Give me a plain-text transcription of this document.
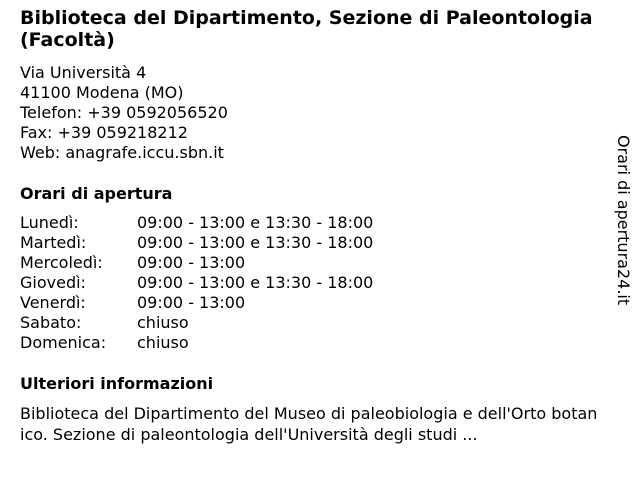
Biblioteca del Dipartimento, Sezione di Paleontologia (Facoltà)
Via Università 4
41100 Modena (MO)
Telefon: +39 0592056520
Fax: +39 059218212
Web: anagrafe.iccu.sbn.it
Orari di apertura
Lunedì:	09:00 - 13:00 e 13:30 - 18:00
Martedì:	09:00 - 13:00 e 13:30 - 18:00
Mercoledì:	09:00 - 13:00
Giovedì:	09:00 - 13:00 e 13:30 - 18:00
Venerdì:	09:00 - 13:00
Sabato:	chiuso
Domenica:	chiuso
Ulteriori informazioni
Biblioteca del Dipartimento del Museo di paleobiologia e dell'Orto botanico. Sezione di paleontologia dell'Università degli studi ...
Orari di apertura24.it
